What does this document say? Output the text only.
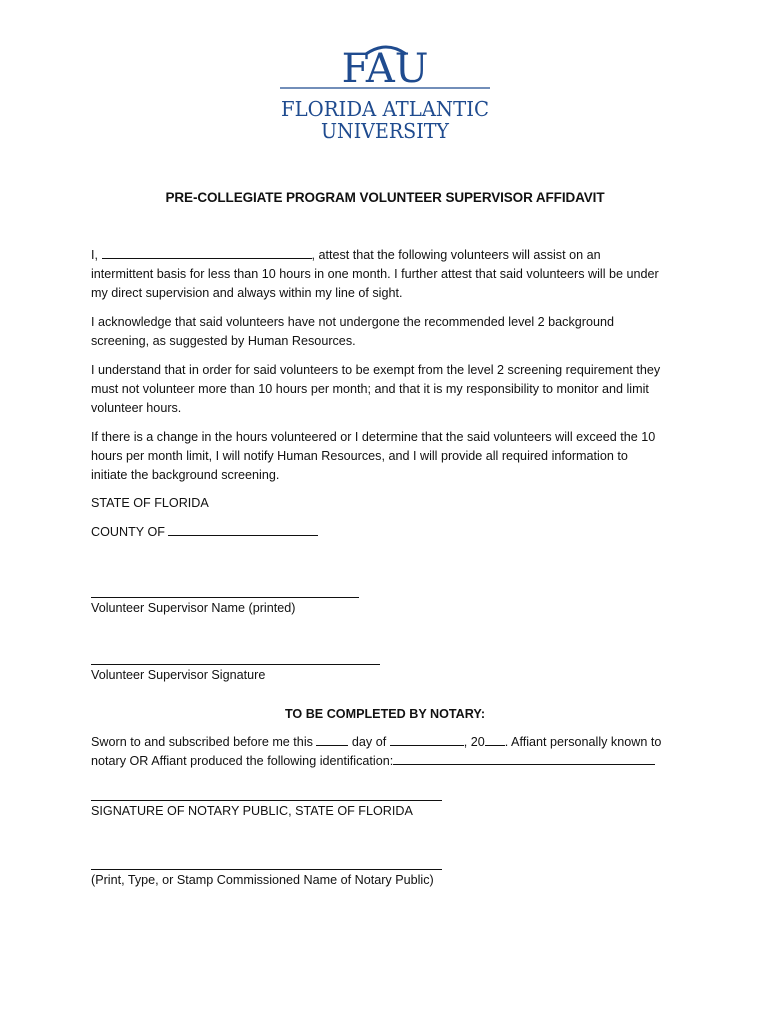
FAU
FLORIDA ATLANTIC
UNIVERSITY
PRE-COLLEGIATE PROGRAM VOLUNTEER SUPERVISOR AFFIDAVIT

I,	, attest that the following volunteers will assist on an

intermittent basis for less than 10 hours in one month. I further attest that said volunteers will be under

my direct supervision and always within my line of sight.

I acknowledge that said volunteers have not undergone the recommended level 2 background

screening, as suggested by Human Resources.

I understand that in order for said volunteers to be exempt from the level 2 screening requirement they

must not volunteer more than 10 hours per month; and that it is my responsibility to monitor and limit

volunteer hours.

If there is a change in the hours volunteered or I determine that the said volunteers will exceed the 10

hours per month limit, I will notify Human Resources, and I will provide all required information to

initiate the background screening.

STATE OF FLORIDA
COUNTY OF
Volunteer Supervisor Name (printed)
Volunteer Supervisor Signature
TO BE COMPLETED BY NOTARY:

Sworn to and subscribed before me this	day of	, 20 . Affiant personally known to

notary OR Affiant produced the following identification:

SIGNATURE OF NOTARY PUBLIC, STATE OF FLORIDA
(Print, Type, or Stamp Commissioned Name of Notary Public)
